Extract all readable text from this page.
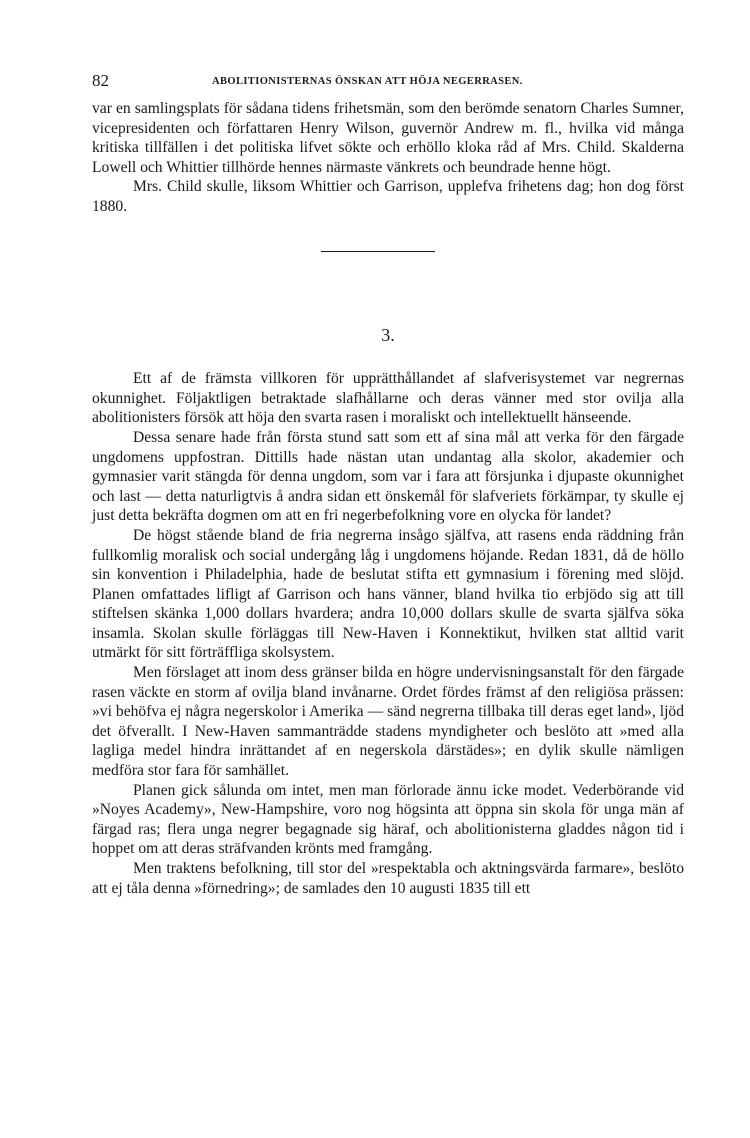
82	ABOLITIONISTERNAS ÖNSKAN ATT HÖJA NEGERRASEN.

var en samlingsplats för sådana tidens frihetsmän, som den berömde senatorn Charles Sumner, vicepresidenten och författaren Henry Wilson, guvernör Andrew m. fl., hvilka vid många kritiska tillfällen i det politiska lifvet sökte och erhöllo kloka råd af Mrs. Child. Skalderna Lowell och Whittier tillhörde hennes närmaste vänkrets och beundrade henne högt.

Mrs. Child skulle, liksom Whittier och Garrison, upplefva frihetens dag; hon dog först 1880.

3.

Ett af de främsta villkoren för upprätthållandet af slafverisystemet var negrernas okunnighet. Följaktligen betraktade slafhållarne och deras vänner med stor ovilja alla abolitionisters försök att höja den svarta rasen i moraliskt och intellektuellt hänseende.

Dessa senare hade från första stund satt som ett af sina mål att verka för den färgade ungdomens uppfostran. Dittills hade nästan utan undantag alla skolor, akademier och gymnasier varit stängda för denna ungdom, som var i fara att försjunka i djupaste okunnighet och last — detta naturligtvis å andra sidan ett önskemål för slafveriets förkämpar, ty skulle ej just detta bekräfta dogmen om att en fri negerbefolkning vore en olycka för landet?

De högst stående bland de fria negrerna insågo själfva, att rasens enda räddning från fullkomlig moralisk och social undergång låg i ungdomens höjande. Redan 1831, då de höllo sin konvention i Philadelphia, hade de beslutat stifta ett gymnasium i förening med slöjd. Planen omfattades lifligt af Garrison och hans vänner, bland hvilka tio erbjödo sig att till stiftelsen skänka 1,000 dollars hvardera; andra 10,000 dollars skulle de svarta själfva söka insamla. Skolan skulle förläggas till New-Haven i Konnektikut, hvilken stat alltid varit utmärkt för sitt förträffliga skolsystem.

Men förslaget att inom dess gränser bilda en högre undervisningsanstalt för den färgade rasen väckte en storm af ovilja bland invånarne. Ordet fördes främst af den religiösa prässen: »vi behöfva ej några negerskolor i Amerika — sänd negrerna tillbaka till deras eget land», ljöd det öfverallt. I New-Haven sammanträdde stadens myndigheter och beslöto att »med alla lagliga medel hindra inrättandet af en negerskola därstädes»; en dylik skulle nämligen medföra stor fara för samhället.

Planen gick sålunda om intet, men man förlorade ännu icke modet. Vederbörande vid »Noyes Academy», New-Hampshire, voro nog högsinta att öppna sin skola för unga män af färgad ras; flera unga negrer begagnade sig häraf, och abolitionisterna gladdes någon tid i hoppet om att deras sträfvanden krönts med framgång.

Men traktens befolkning, till stor del »respektabla och aktningsvärda farmare», beslöto att ej tåla denna »förnedring»; de samlades den 10 augusti 1835 till ett
